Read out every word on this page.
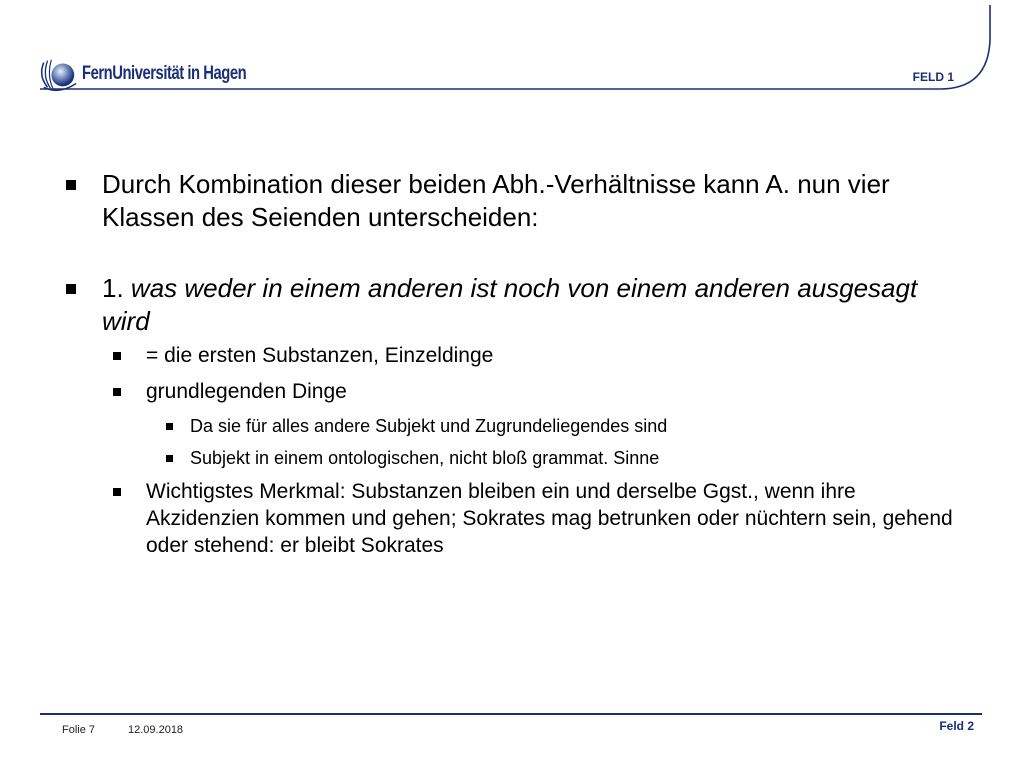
FernUniversität in Hagen	FELD 1
Durch Kombination dieser beiden Abh.-Verhältnisse kann A. nun vier Klassen des Seienden unterscheiden:
1. was weder in einem anderen ist noch von einem anderen ausgesagt wird
= die ersten Substanzen, Einzeldinge
grundlegenden Dinge
Da sie für alles andere Subjekt und Zugrundeliegendes sind
Subjekt in einem ontologischen, nicht bloß grammat. Sinne
Wichtigstes Merkmal: Substanzen bleiben ein und derselbe Ggst., wenn ihre Akzidenzien kommen und gehen; Sokrates mag betrunken oder nüchtern sein, gehend oder stehend: er bleibt Sokrates
Folie 7	12.09.2018	Feld 2
